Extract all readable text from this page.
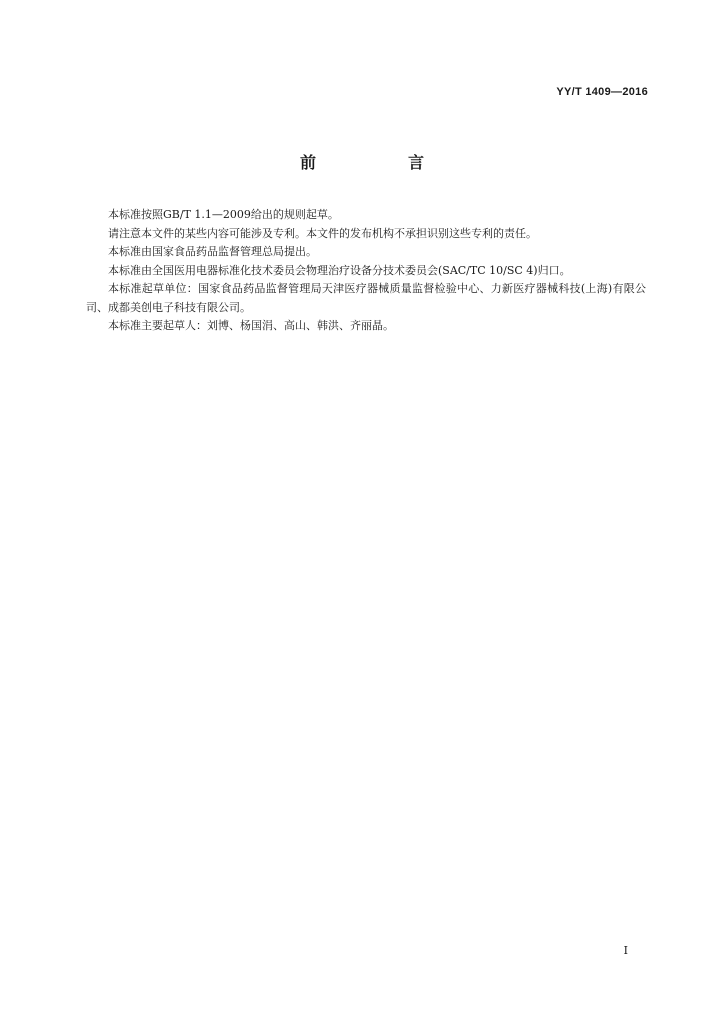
YY/T 1409—2016
前　言

本标准按照GB/T 1.1—2009给出的规则起草。

请注意本文件的某些内容可能涉及专利。本文件的发布机构不承担识别这些专利的责任。

本标准由国家食品药品监督管理总局提出。

本标准由全国医用电器标准化技术委员会物理治疗设备分技术委员会(SAC/TC 10/SC 4)归口。

本标准起草单位：国家食品药品监督管理局天津医疗器械质量监督检验中心、力新医疗器械科技(上海)有限公司、成都美创电子科技有限公司。

本标准主要起草人：刘博、杨国涓、高山、韩洪、齐丽晶。

I
